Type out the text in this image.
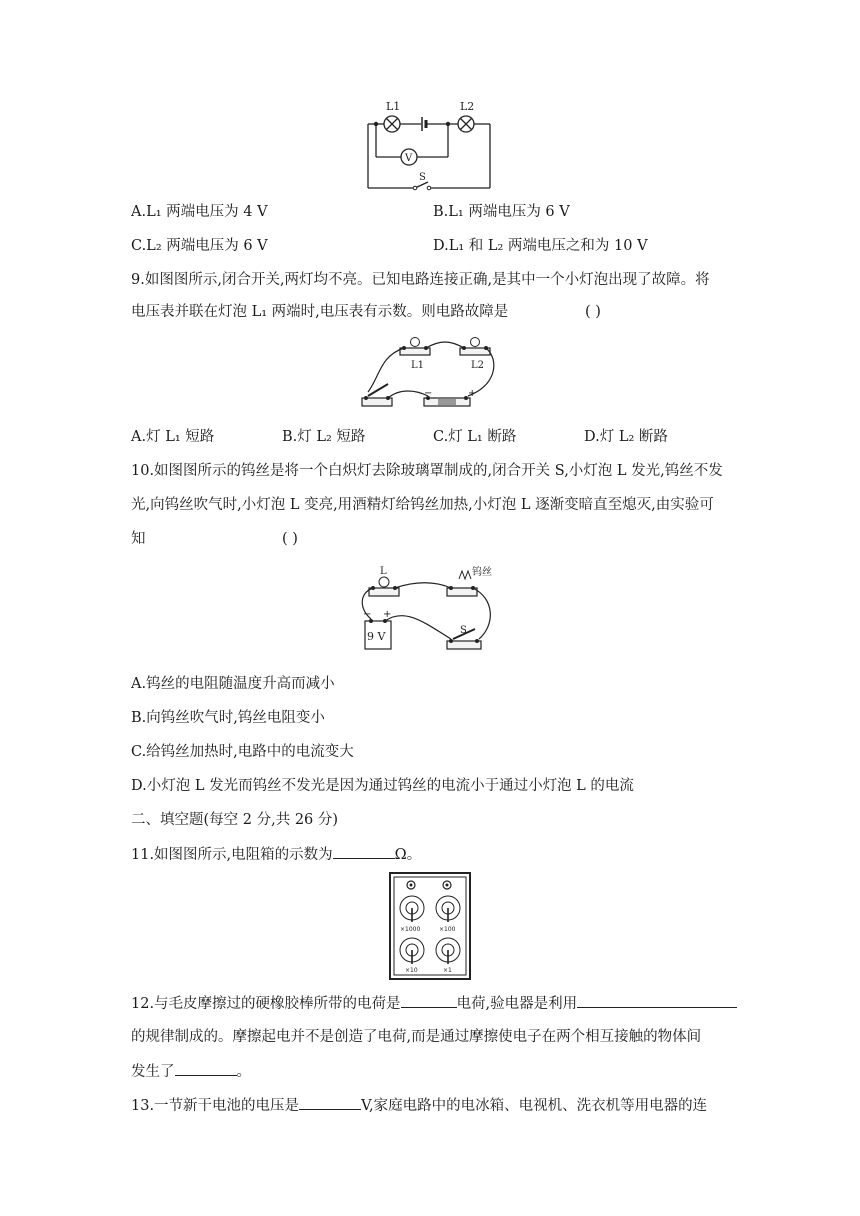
L1	L2
V
S
A.L₁ 两端电压为 4 V	B.L₁ 两端电压为 6 V
C.L₂ 两端电压为 6 V	D.L₁ 和 L₂ 两端电压之和为 10 V
9.如图图所示,闭合开关,两灯均不亮。已知电路连接正确,是其中一个小灯泡出现了故障。将
电压表并联在灯泡 L₁ 两端时,电压表有示数。则电路故障是	( )
L1	L2
−	+
A.灯 L₁ 短路	B.灯 L₂ 短路	C.灯 L₁ 断路	D.灯 L₂ 断路
10.如图图所示的钨丝是将一个白炽灯去除玻璃罩制成的,闭合开关 S,小灯泡 L 发光,钨丝不发
光,向钨丝吹气时,小灯泡 L 变亮,用酒精灯给钨丝加热,小灯泡 L 逐渐变暗直至熄灭,由实验可
知	( )
L	钨丝
9 V
− +
S
A.钨丝的电阻随温度升高而减小
B.向钨丝吹气时,钨丝电阻变小
C.给钨丝加热时,电路中的电流变大
D.小灯泡 L 发光而钨丝不发光是因为通过钨丝的电流小于通过小灯泡 L 的电流
二、填空题(每空 2 分,共 26 分)
11.如图图所示,电阻箱的示数为	Ω。
×1000	×100
×10	×1
12.与毛皮摩擦过的硬橡胶棒所带的电荷是	电荷,验电器是利用
的规律制成的。摩擦起电并不是创造了电荷,而是通过摩擦使电子在两个相互接触的物体间
发生了	。
13.一节新干电池的电压是	V,家庭电路中的电冰箱、电视机、洗衣机等用电器的连
